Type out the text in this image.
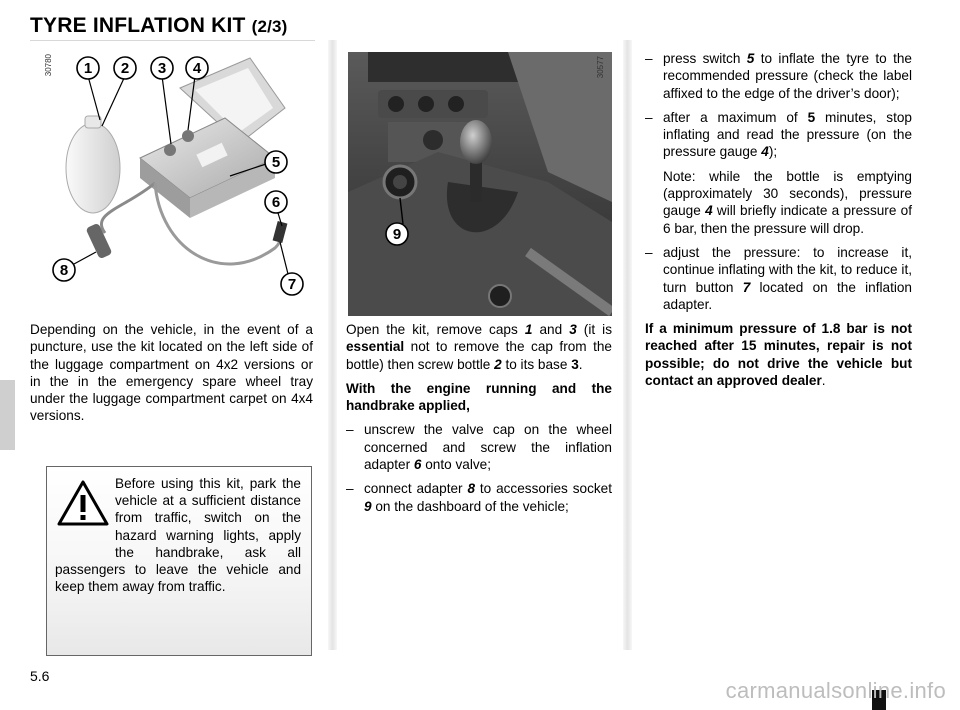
TYRE INFLATION KIT (2/3)
1 2 3 4
5
6
7
8
30780
9
30577

Depending on the vehicle, in the event of a puncture, use the kit located on the left side of the luggage compartment on 4x2 versions or in the in the emergency spare wheel tray under the luggage compartment carpet on 4x4 versions.

Before using this kit, park the vehicle at a sufficient distance from traffic, switch on the hazard warning lights, apply the handbrake, ask all passengers to leave the vehicle and keep them away from traffic.

Open the kit, remove caps 1 and 3 (it is essential not to remove the cap from the bottle) then screw bottle 2 to its base 3.

With the engine running and the handbrake applied,

– unscrew the valve cap on the wheel concerned and screw the inflation adapter 6 onto valve;
– connect adapter 8 to accessories socket 9 on the dashboard of the vehicle;
– press switch 5 to inflate the tyre to the recommended pressure (check the label affixed to the edge of the driver’s door);
– after a maximum of 5 minutes, stop inflating and read the pressure (on the pressure gauge 4);

Note: while the bottle is emptying (approximately 30 seconds), pressure gauge 4 will briefly indicate a pressure of 6 bar, then the pressure will drop.

– adjust the pressure: to increase it, continue inflating with the kit, to reduce it, turn button 7 located on the inflation adapter.

If a minimum pressure of 1.8 bar is not reached after 15 minutes, repair is not possible; do not drive the vehicle but contact an approved dealer.

5.6
carmanualsonline.info
